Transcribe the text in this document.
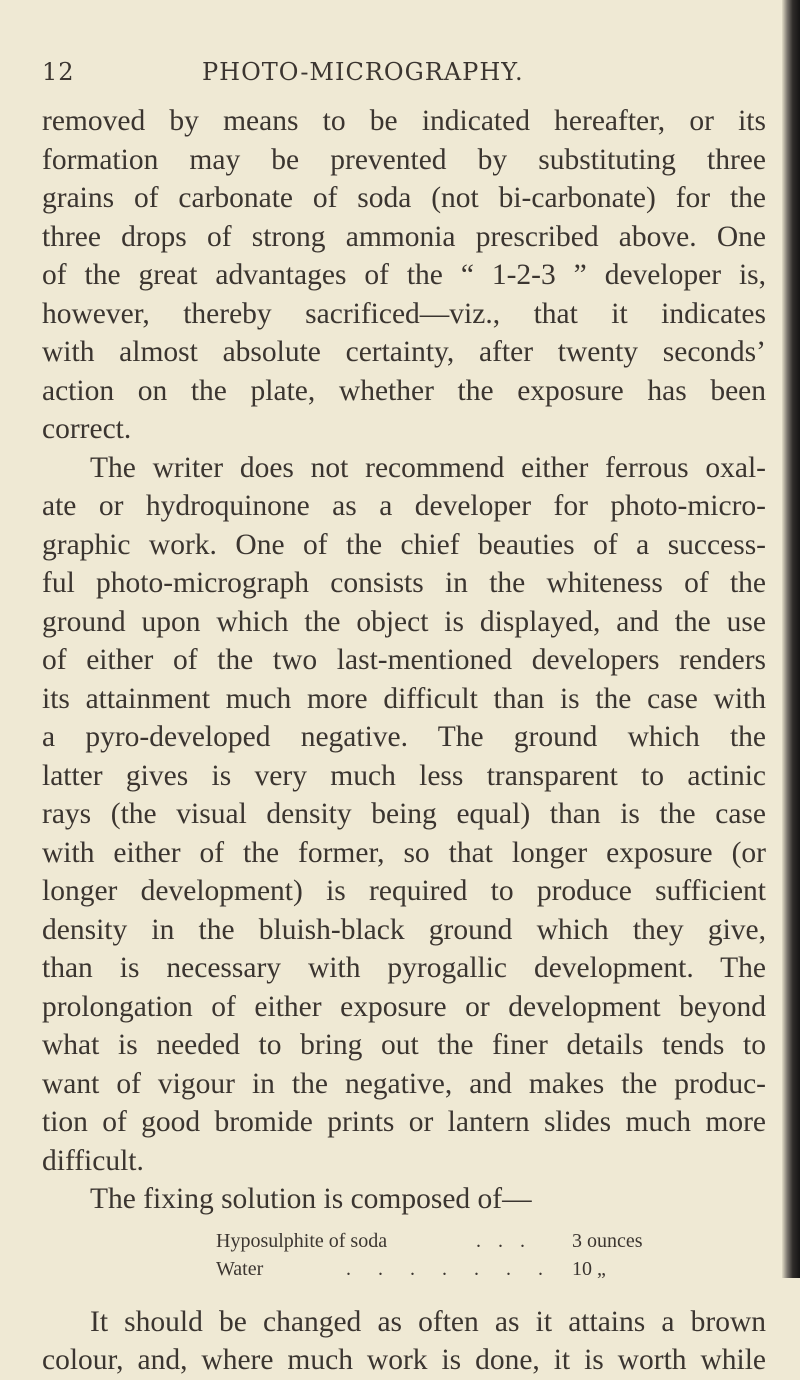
12	PHOTO-MICROGRAPHY.
removed by means to be indicated hereafter, or its
formation may be prevented by substituting three
grains of carbonate of soda (not bi-carbonate) for the
three drops of strong ammonia prescribed above. One
of the great advantages of the “ 1-2-3 ” developer is,
however, thereby sacrificed—viz., that it indicates
with almost absolute certainty, after twenty seconds’
action on the plate, whether the exposure has been
correct.
The writer does not recommend either ferrous oxal-
ate or hydroquinone as a developer for photo-micro-
graphic work. One of the chief beauties of a success-
ful photo-micrograph consists in the whiteness of the
ground upon which the object is displayed, and the use
of either of the two last-mentioned developers renders
its attainment much more difficult than is the case with
a pyro-developed negative. The ground which the
latter gives is very much less transparent to actinic
rays (the visual density being equal) than is the case
with either of the former, so that longer exposure (or
longer development) is required to produce sufficient
density in the bluish-black ground which they give,
than is necessary with pyrogallic development. The
prolongation of either exposure or development beyond
what is needed to bring out the finer details tends to
want of vigour in the negative, and makes the produc-
tion of good bromide prints or lantern slides much more
difficult.
The fixing solution is composed of—
Hyposulphite of soda	. . .	3 ounces
Water	. . . . . . . 10 „
It should be changed as often as it attains a brown
colour, and, where much work is done, it is worth while
